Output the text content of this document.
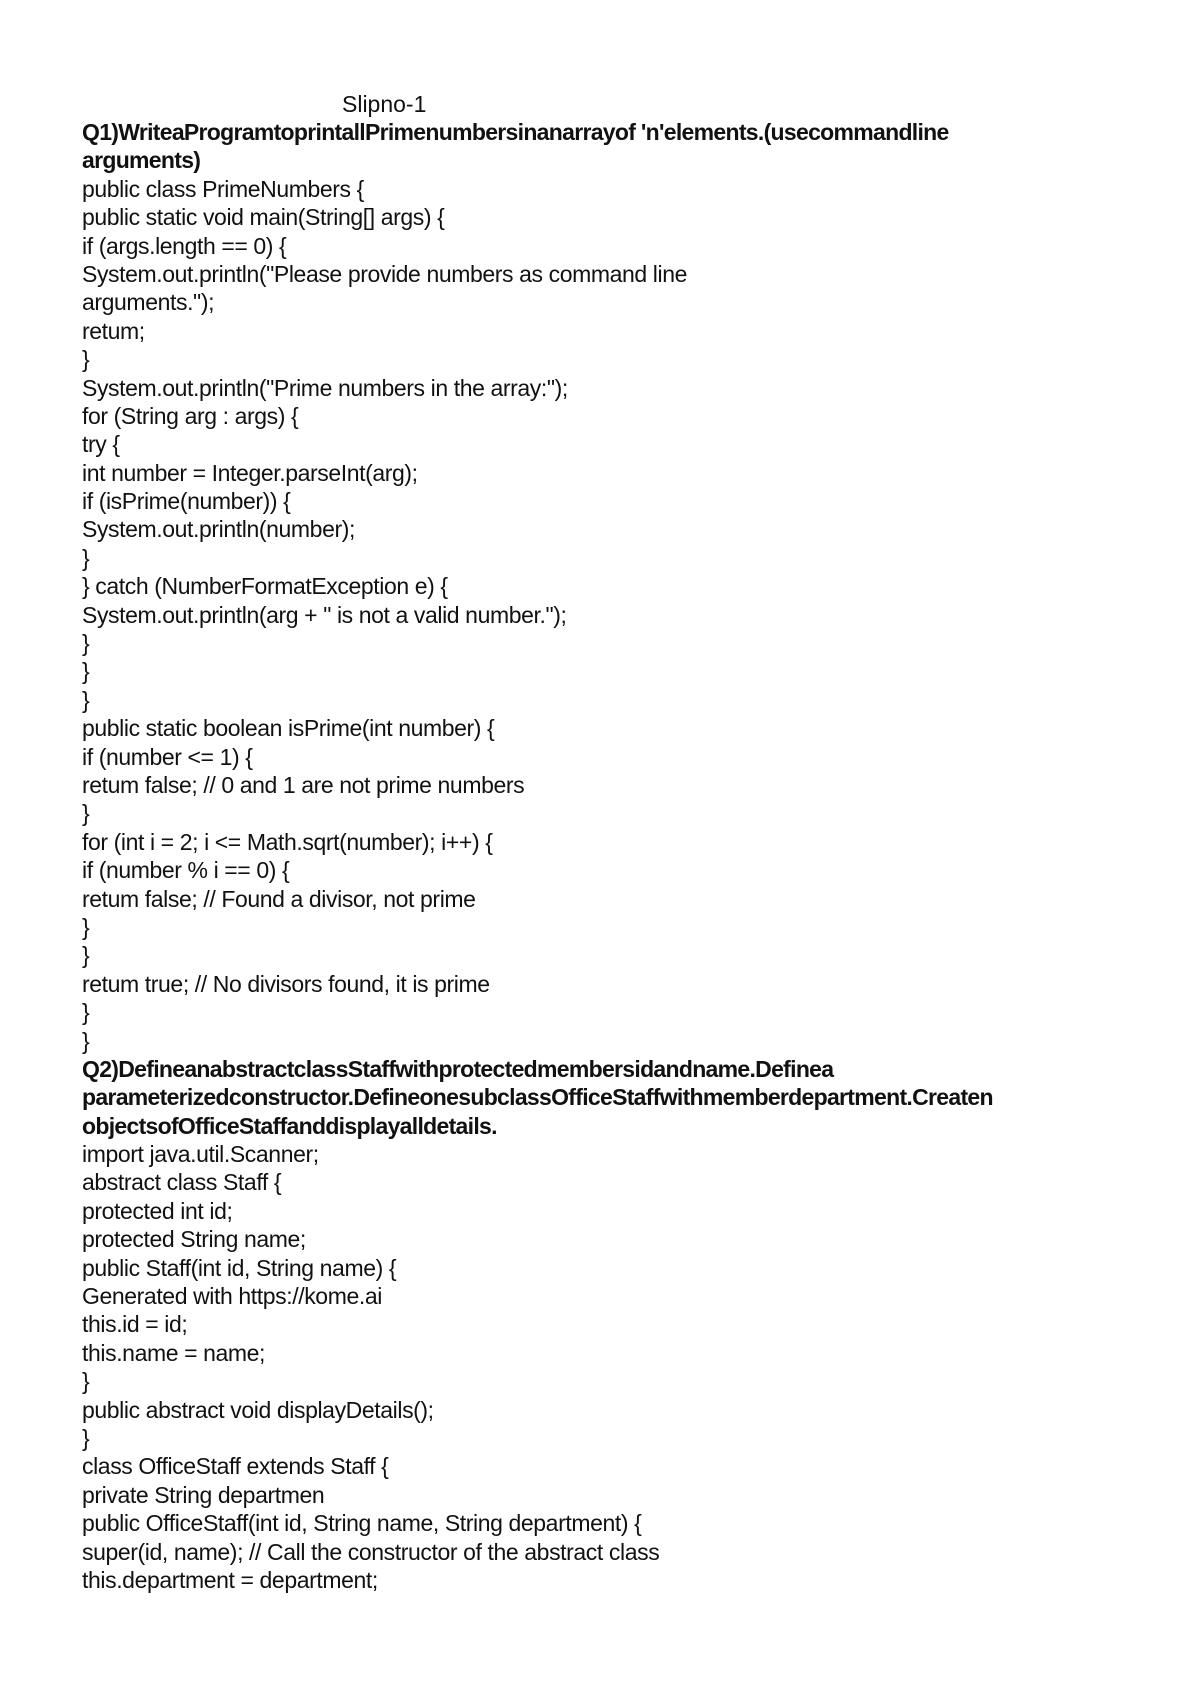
Slipno-1
Q1)WriteaProgramtoprintallPrimenumbersinanarrayof 'n'elements.(usecommandline
arguments)
public class PrimeNumbers {
public static void main(String[] args) {
if (args.length == 0) {
System.out.println("Please provide numbers as command line
arguments.");
retum;
}
System.out.println("Prime numbers in the array:");
for (String arg : args) {
try {
int number = Integer.parseInt(arg);
if (isPrime(number)) {
System.out.println(number);
}
} catch (NumberFormatException e) {
System.out.println(arg + " is not a valid number.");
}
}
}
public static boolean isPrime(int number) {
if (number <= 1) {
retum false; // 0 and 1 are not prime numbers
}
for (int i = 2; i <= Math.sqrt(number); i++) {
if (number % i == 0) {
retum false; // Found a divisor, not prime
}
}
retum true; // No divisors found, it is prime
}
}
Q2)DefineanabstractclassStaffwithprotectedmembersidandname.Definea
parameterizedconstructor.DefineonesubclassOfficeStaffwithmemberdepartment.Createn
objectsofOfficeStaffanddisplayalldetails.
import java.util.Scanner;
abstract class Staff {
protected int id;
protected String name;
public Staff(int id, String name) {
Generated with https://kome.ai
this.id = id;
this.name = name;
}
public abstract void displayDetails();
}
class OfficeStaff extends Staff {
private String departmen
public OfficeStaff(int id, String name, String department) {
super(id, name); // Call the constructor of the abstract class
this.department = department;
